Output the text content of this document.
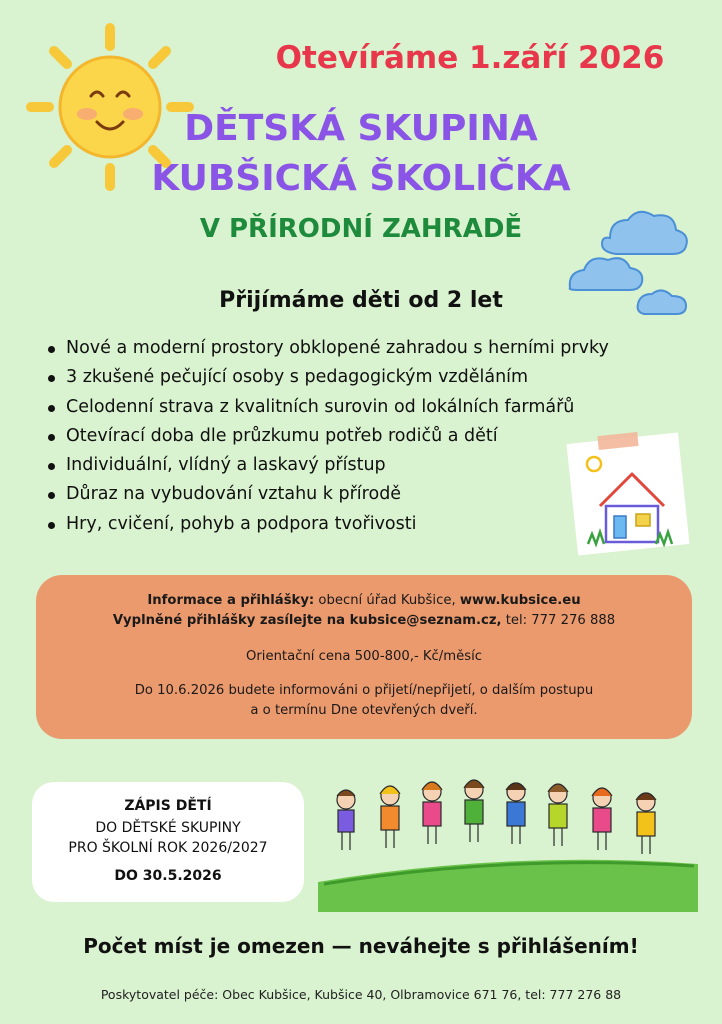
Otevíráme 1.září 2026
DĚTSKÁ SKUPINA
KUBŠICKÁ ŠKOLIČKA
V PŘÍRODNÍ ZAHRADĚ
Přijímáme děti od 2 let
Nové a moderní prostory obklopené zahradou s herními prvky
3 zkušené pečující osoby s pedagogickým vzděláním
Celodenní strava z kvalitních surovin od lokálních farmářů
Otevírací doba dle průzkumu potřeb rodičů a dětí
Individuální, vlídný a laskavý přístup
Důraz na vybudování vztahu k přírodě
Hry, cvičení, pohyb a podpora tvořivosti
Informace a přihlášky: obecní úřad Kubšice, www.kubsice.eu
Vyplněné přihlášky zasílejte na kubsice@seznam.cz, tel: 777 276 888
Orientační cena 500-800,- Kč/měsíc
Do 10.6.2026 budete informováni o přijetí/nepřijetí, o dalším postupu
a o termínu Dne otevřených dveří.
ZÁPIS DĚTÍ
DO DĚTSKÉ SKUPINY
PRO ŠKOLNÍ ROK 2026/2027
DO 30.5.2026
Počet míst je omezen — neváhejte s přihlášením!
Poskytovatel péče: Obec Kubšice, Kubšice 40, Olbramovice 671 76, tel: 777 276 88
